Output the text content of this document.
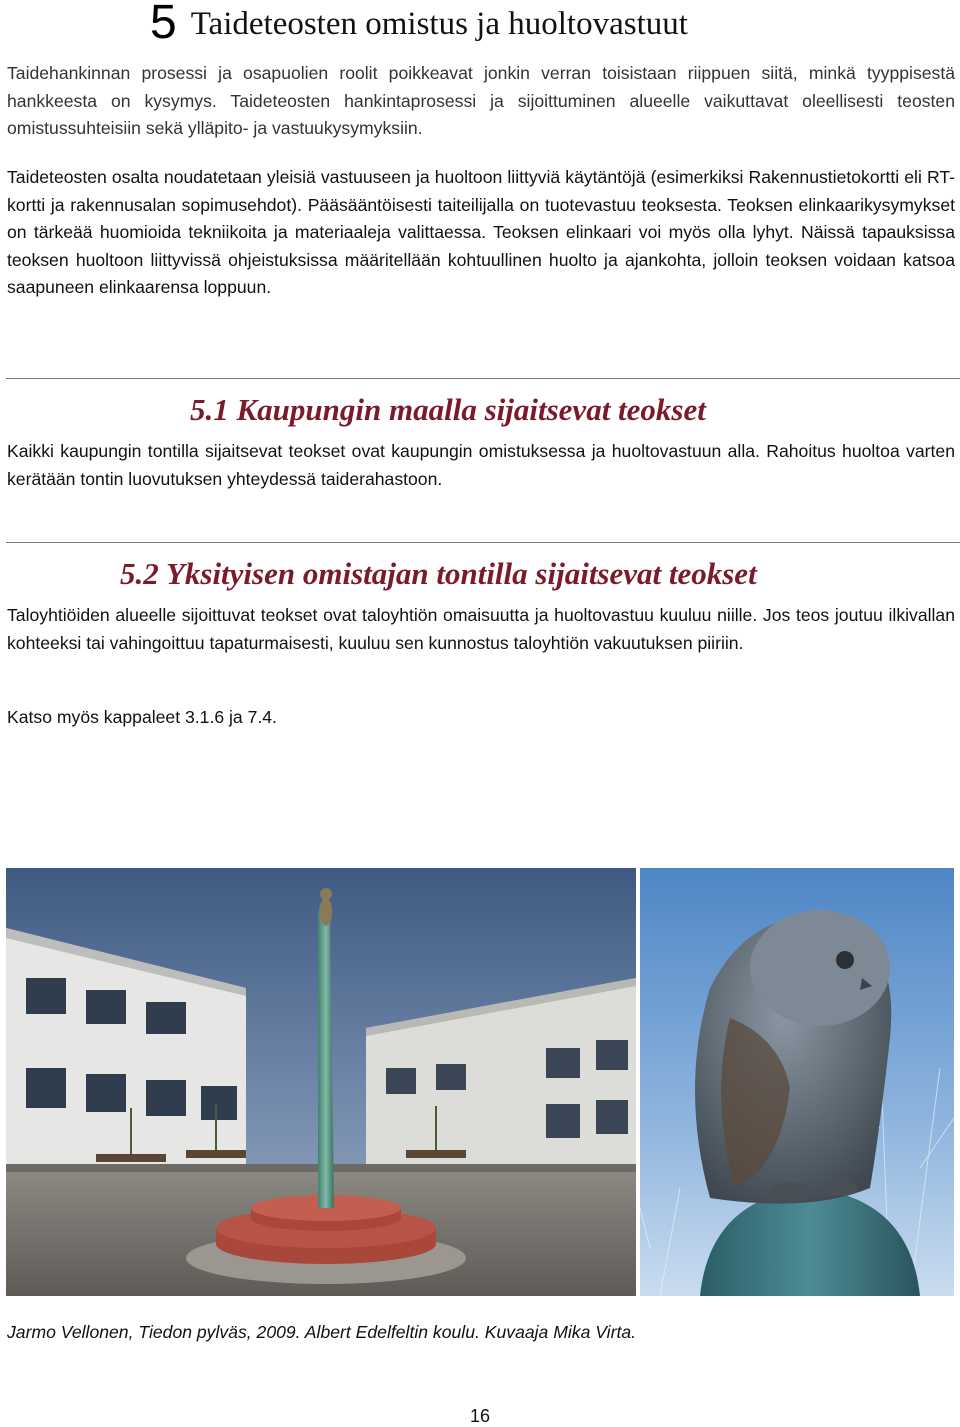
5 Taideteosten omistus ja huoltovastuut

Taidehankinnan prosessi ja osapuolien roolit poikkeavat jonkin verran toisistaan riippuen siitä, minkä tyyppisestä hankkeesta on kysymys. Taideteosten hankintaprosessi ja sijoittuminen alueelle vaikuttavat oleellisesti teosten omistussuhteisiin sekä ylläpito- ja vastuukysymyksiin.

Taideteosten osalta noudatetaan yleisiä vastuuseen ja huoltoon liittyviä käytäntöjä (esimerkiksi Rakennustietokortti eli RT-kortti ja rakennusalan sopimusehdot). Pääsääntöisesti taiteilijalla on tuotevastuu teoksesta. Teoksen elinkaarikysymykset on tärkeää huomioida tekniikoita ja materiaaleja valittaessa. Teoksen elinkaari voi myös olla lyhyt. Näissä tapauksissa teoksen huoltoon liittyvissä ohjeistuksissa määritellään kohtuullinen huolto ja ajankohta, jolloin teoksen voidaan katsoa saapuneen elinkaarensa loppuun.

5.1 Kaupungin maalla sijaitsevat teokset

Kaikki kaupungin tontilla sijaitsevat teokset ovat kaupungin omistuksessa ja huoltovastuun alla. Rahoitus huoltoa varten kerätään tontin luovutuksen yhteydessä taiderahastoon.

5.2 Yksityisen omistajan tontilla sijaitsevat teokset

Taloyhtiöiden alueelle sijoittuvat teokset ovat taloyhtiön omaisuutta ja huoltovastuu kuuluu niille. Jos teos joutuu ilkivallan kohteeksi tai vahingoittuu tapaturmaisesti, kuuluu sen kunnostus taloyhtiön vakuutuksen piiriin.

Katso myös kappaleet 3.1.6 ja 7.4.

Jarmo Vellonen, Tiedon pylväs, 2009. Albert Edelfeltin koulu. Kuvaaja Mika Virta.

16
